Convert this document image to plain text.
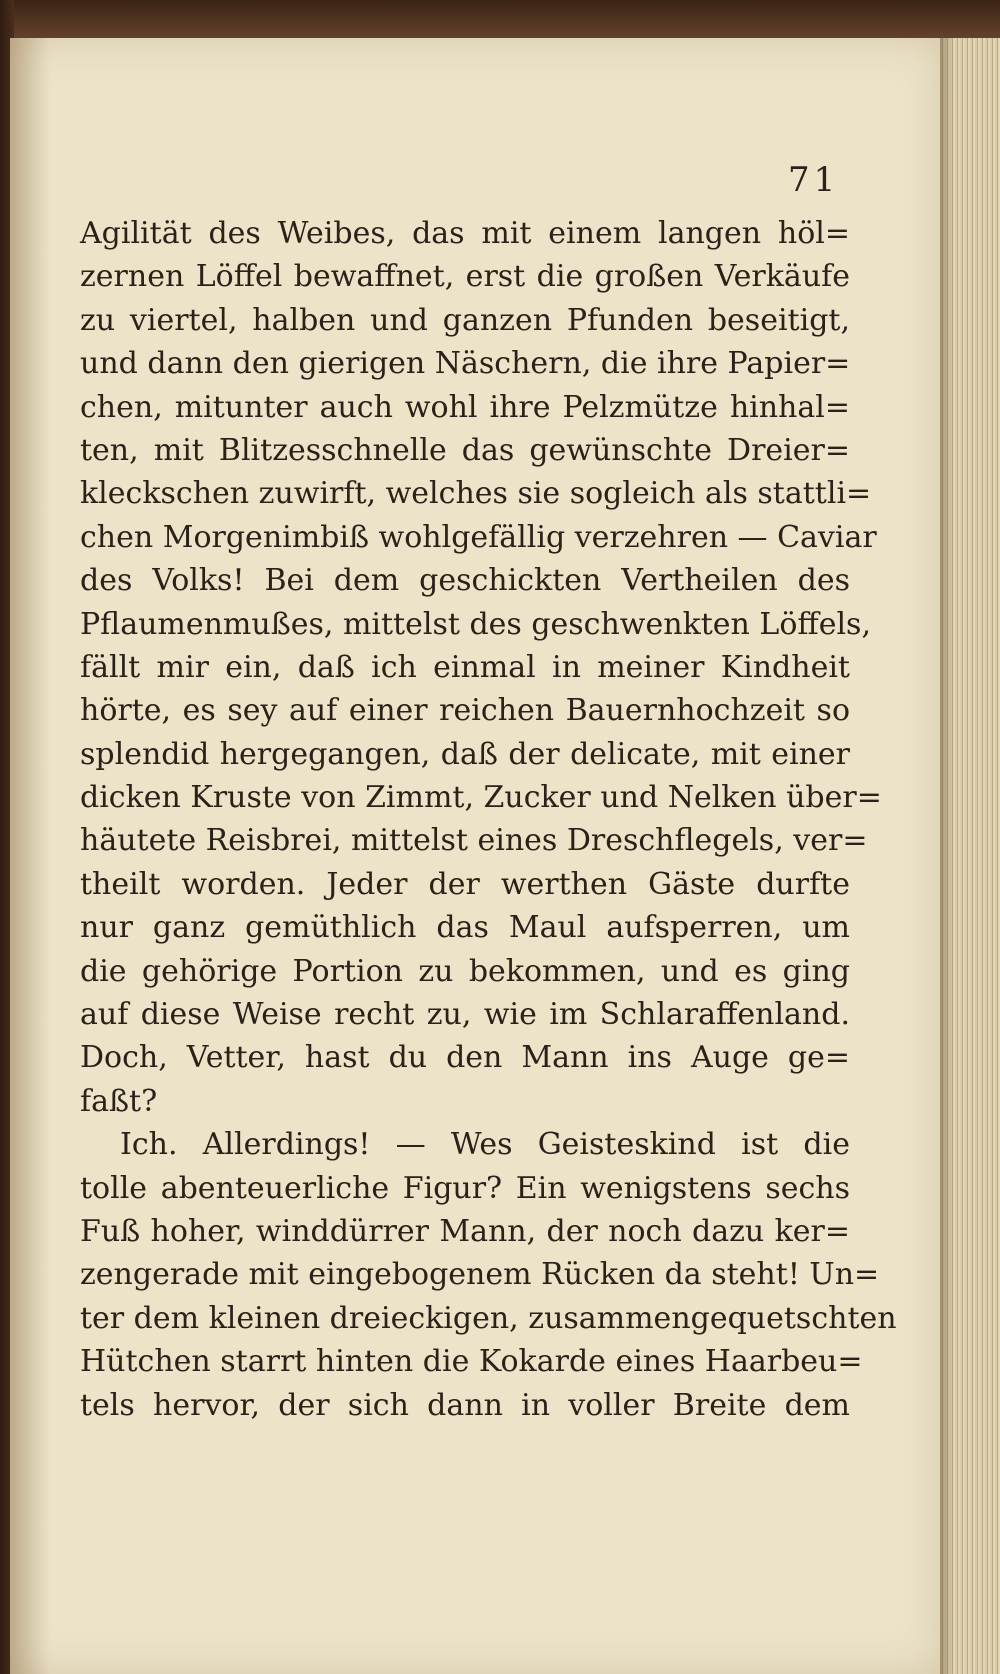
71
Agilität des Weibes, das mit einem langen höl=
zernen Löffel bewaffnet, erst die großen Verkäufe
zu viertel, halben und ganzen Pfunden beseitigt,
und dann den gierigen Näschern, die ihre Papier=
chen, mitunter auch wohl ihre Pelzmütze hinhal=
ten, mit Blitzesschnelle das gewünschte Dreier=
kleckschen zuwirft, welches sie sogleich als stattli=
chen Morgenimbiß wohlgefällig verzehren — Caviar
des Volks! Bei dem geschickten Vertheilen des
Pflaumenmußes, mittelst des geschwenkten Löffels,
fällt mir ein, daß ich einmal in meiner Kindheit
hörte, es sey auf einer reichen Bauernhochzeit so
splendid hergegangen, daß der delicate, mit einer
dicken Kruste von Zimmt, Zucker und Nelken über=
häutete Reisbrei, mittelst eines Dreschflegels, ver=
theilt worden. Jeder der werthen Gäste durfte
nur ganz gemüthlich das Maul aufsperren, um
die gehörige Portion zu bekommen, und es ging
auf diese Weise recht zu, wie im Schlaraffenland.
Doch, Vetter, hast du den Mann ins Auge ge=
faßt?
Ich. Allerdings! — Wes Geisteskind ist die
tolle abenteuerliche Figur? Ein wenigstens sechs
Fuß hoher, winddürrer Mann, der noch dazu ker=
zengerade mit eingebogenem Rücken da steht! Un=
ter dem kleinen dreieckigen, zusammengequetschten
Hütchen starrt hinten die Kokarde eines Haarbeu=
tels hervor, der sich dann in voller Breite dem
